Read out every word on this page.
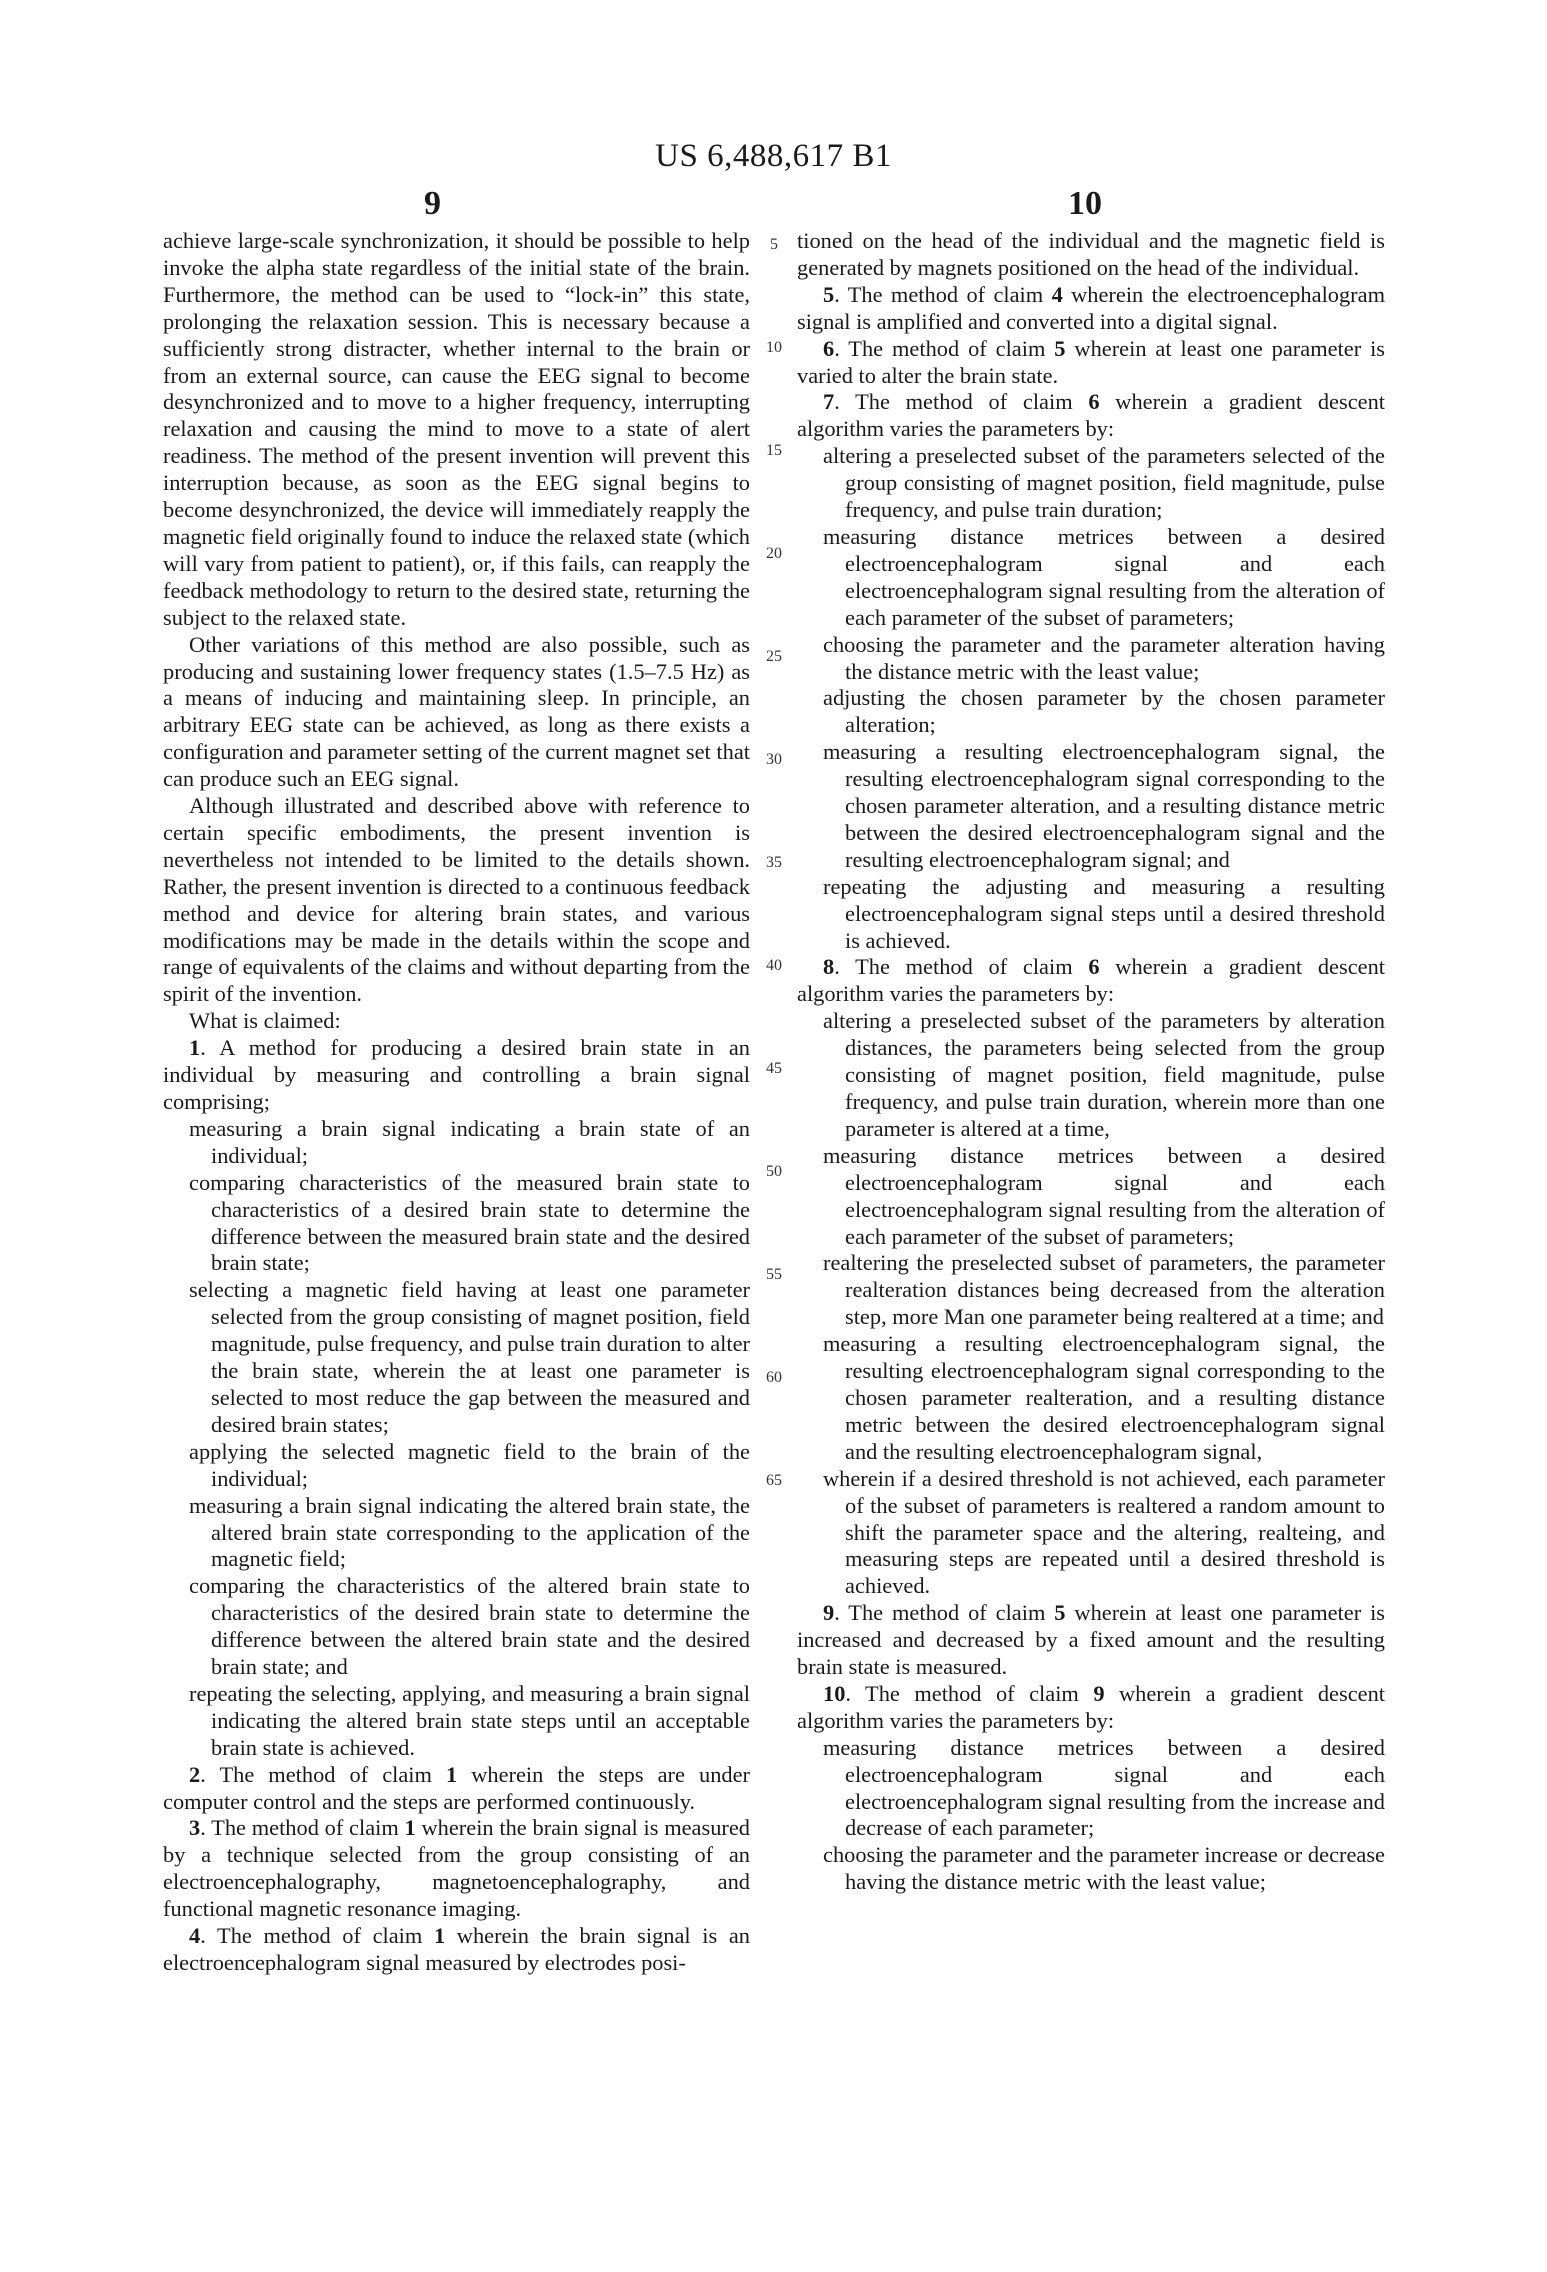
US 6,488,617 B1
9	10
5
10
15
20
25
30
35
40
45
50
55
60
65

achieve large-scale synchronization, it should be possible to help invoke the alpha state regardless of the initial state of the brain. Furthermore, the method can be used to “lock-in” this state, prolonging the relaxation session. This is necessary because a sufficiently strong distracter, whether internal to the brain or from an external source, can cause the EEG signal to become desynchronized and to move to a higher frequency, interrupting relaxation and causing the mind to move to a state of alert readiness. The method of the present invention will prevent this interruption because, as soon as the EEG signal begins to become desynchronized, the device will immediately reapply the magnetic field originally found to induce the relaxed state (which will vary from patient to patient), or, if this fails, can reapply the feedback methodology to return to the desired state, returning the subject to the relaxed state.

Other variations of this method are also possible, such as producing and sustaining lower frequency states (1.5–7.5 Hz) as a means of inducing and maintaining sleep. In principle, an arbitrary EEG state can be achieved, as long as there exists a configuration and parameter setting of the current magnet set that can produce such an EEG signal.

Although illustrated and described above with reference to certain specific embodiments, the present invention is nevertheless not intended to be limited to the details shown. Rather, the present invention is directed to a continuous feedback method and device for altering brain states, and various modifications may be made in the details within the scope and range of equivalents of the claims and without departing from the spirit of the invention.

What is claimed:

1. A method for producing a desired brain state in an individual by measuring and controlling a brain signal comprising;

measuring a brain signal indicating a brain state of an individual;

comparing characteristics of the measured brain state to characteristics of a desired brain state to determine the difference between the measured brain state and the desired brain state;

selecting a magnetic field having at least one parameter selected from the group consisting of magnet position, field magnitude, pulse frequency, and pulse train duration to alter the brain state, wherein the at least one parameter is selected to most reduce the gap between the measured and desired brain states;

applying the selected magnetic field to the brain of the individual;

measuring a brain signal indicating the altered brain state, the altered brain state corresponding to the application of the magnetic field;

comparing the characteristics of the altered brain state to characteristics of the desired brain state to determine the difference between the altered brain state and the desired brain state; and

repeating the selecting, applying, and measuring a brain signal indicating the altered brain state steps until an acceptable brain state is achieved.

2. The method of claim 1 wherein the steps are under computer control and the steps are performed continuously.

3. The method of claim 1 wherein the brain signal is measured by a technique selected from the group consisting of an electroencephalography, magnetoencephalography, and functional magnetic resonance imaging.

4. The method of claim 1 wherein the brain signal is an electroencephalogram signal measured by electrodes posi-

tioned on the head of the individual and the magnetic field is generated by magnets positioned on the head of the individual.

5. The method of claim 4 wherein the electroencephalogram signal is amplified and converted into a digital signal.

6. The method of claim 5 wherein at least one parameter is varied to alter the brain state.

7. The method of claim 6 wherein a gradient descent algorithm varies the parameters by:

altering a preselected subset of the parameters selected of the group consisting of magnet position, field magnitude, pulse frequency, and pulse train duration;

measuring distance metrices between a desired electroencephalogram signal and each electroencephalogram signal resulting from the alteration of each parameter of the subset of parameters;

choosing the parameter and the parameter alteration having the distance metric with the least value;

adjusting the chosen parameter by the chosen parameter alteration;

measuring a resulting electroencephalogram signal, the resulting electroencephalogram signal corresponding to the chosen parameter alteration, and a resulting distance metric between the desired electroencephalogram signal and the resulting electroencephalogram signal; and

repeating the adjusting and measuring a resulting electroencephalogram signal steps until a desired threshold is achieved.

8. The method of claim 6 wherein a gradient descent algorithm varies the parameters by:

altering a preselected subset of the parameters by alteration distances, the parameters being selected from the group consisting of magnet position, field magnitude, pulse frequency, and pulse train duration, wherein more than one parameter is altered at a time,

measuring distance metrices between a desired electroencephalogram signal and each electroencephalogram signal resulting from the alteration of each parameter of the subset of parameters;

realtering the preselected subset of parameters, the parameter realteration distances being decreased from the alteration step, more Man one parameter being realtered at a time; and

measuring a resulting electroencephalogram signal, the resulting electroencephalogram signal corresponding to the chosen parameter realteration, and a resulting distance metric between the desired electroencephalogram signal and the resulting electroencephalogram signal,

wherein if a desired threshold is not achieved, each parameter of the subset of parameters is realtered a random amount to shift the parameter space and the altering, realteing, and measuring steps are repeated until a desired threshold is achieved.

9. The method of claim 5 wherein at least one parameter is increased and decreased by a fixed amount and the resulting brain state is measured.

10. The method of claim 9 wherein a gradient descent algorithm varies the parameters by:

measuring distance metrices between a desired electroencephalogram signal and each electroencephalogram signal resulting from the increase and decrease of each parameter;

choosing the parameter and the parameter increase or decrease having the distance metric with the least value;
